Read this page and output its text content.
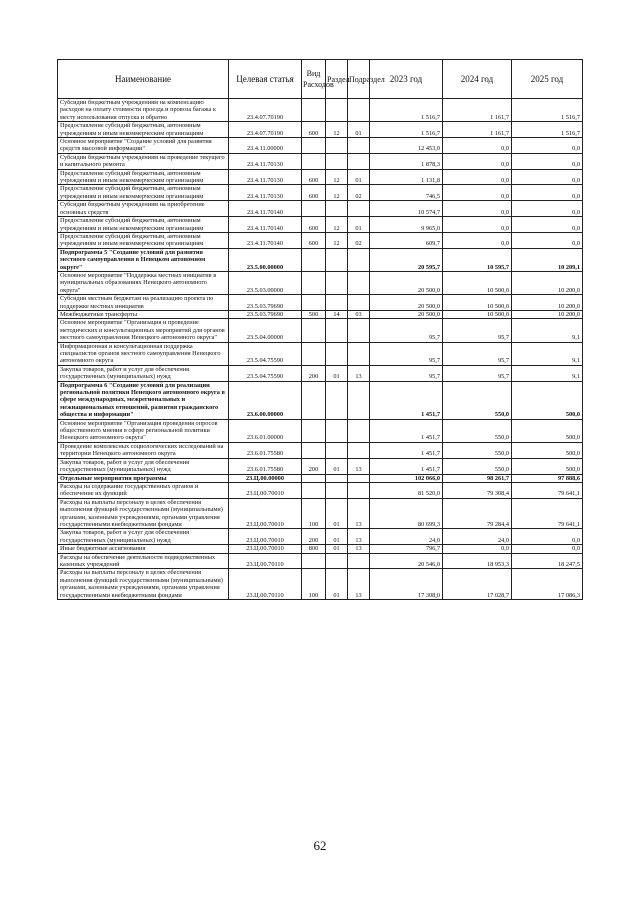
Наименование	Целевая статья	Вид Расходов	Раздел	Подраздел	2023 год	2024 год	2025 год
Субсидии бюджетным учреждениям на компенсацию расходов на оплату стоимости проезда и провоза багажа к месту использования отпуска и обратно	23.4.07.70190				1 516,7	1 161,7	1 516,7
Предоставление субсидий бюджетным, автономным учреждениям и иным некоммерческим организациям	23.4.07.70190	600	12	01	1 516,7	1 161,7	1 516,7
Основное мероприятие "Создание условий для развития средств массовой информации"	23.4.11.00000				12 453,0	0,0	0,0
Субсидии бюджетным учреждениям на проведение текущего и капитального ремонта	23.4.11.70130				1 878,3	0,0	0,0
Предоставление субсидий бюджетным, автономным учреждениям и иным некоммерческим организациям	23.4.11.70130	600	12	01	1 131,8	0,0	0,0
Предоставление субсидий бюджетным, автономным учреждениям и иным некоммерческим организациям	23.4.11.70130	600	12	02	746,5	0,0	0,0
Субсидии бюджетным учреждениям на приобретение основных средств	23.4.11.70140				10 574,7	0,0	0,0
Предоставление субсидий бюджетным, автономным учреждениям и иным некоммерческим организациям	23.4.11.70140	600	12	01	9 965,0	0,0	0,0
Предоставление субсидий бюджетным, автономным учреждениям и иным некоммерческим организациям	23.4.11.70140	600	12	02	609,7	0,0	0,0
Подпрограмма 5 "Создание условий для развития местного самоуправления в Ненецком автономном округе"	23.5.00.00000				20 595,7	10 595,7	10 209,1
Основное мероприятие "Поддержка местных инициатив в муниципальных образованиях Ненецкого автономного округа"	23.5.03.00000				20 500,0	10 500,0	10 200,0
Субсидии местным бюджетам на реализацию проекта по поддержке местных инициатив	23.5.03.79690				20 500,0	10 500,0	10 200,0
Межбюджетные трансферты	23.5.03.79690	500	14	03	20 500,0	10 500,0	10 200,0
Основное мероприятие "Организация и проведение методических и консультационных мероприятий для органов местного самоуправления Ненецкого автономного округа"	23.5.04.00000				95,7	95,7	9,1
Информационная и консультационная поддержка специалистов органов местного самоуправления Ненецкого автономного округа	23.5.04.75590				95,7	95,7	9,1
Закупка товаров, работ и услуг для обеспечения государственных (муниципальных) нужд	23.5.04.75590	200	01	13	95,7	95,7	9,1
Подпрограмма 6 "Создание условий для реализации региональной политики Ненецкого автономного округа в сфере международных, межрегиональных и межнациональных отношений, развития гражданского общества и информации"	23.6.00.00000				1 451,7	550,0	500,0
Основное мероприятие "Организация проведения опросов общественного мнения в сфере региональной политики Ненецкого автономного округа"	23.6.01.00000				1 451,7	550,0	500,0
Проведение комплексных социологических исследований на территории Ненецкого автономного округа	23.6.01.75580				1 451,7	550,0	500,0
Закупка товаров, работ и услуг для обеспечения государственных (муниципальных) нужд	23.6.01.75580	200	01	13	1 451,7	550,0	500,0
Отдельные мероприятия программы	23.Ц.00.00000				102 066,0	98 261,7	97 888,6
Расходы на содержание государственных органов и обеспечение их функций	23.Ц.00.70010				81 520,0	79 308,4	79 641,1
Расходы на выплаты персоналу в целях обеспечения выполнения функций государственными (муниципальными) органами, казенными учреждениями, органами управления государственными внебюджетными фондами	23.Ц.00.70010	100	01	13	80 699,3	79 284,4	79 641,1
Закупка товаров, работ и услуг для обеспечения государственных (муниципальных) нужд	23.Ц.00.70010	200	01	13	24,0	24,0	0,0
Иные бюджетные ассигнования	23.Ц.00.70010	800	01	13	796,7	0,0	0,0
Расходы на обеспечение деятельности подведомственных казенных учреждений	23.Ц.00.70110				20 546,0	18 953,3	18 247,5
Расходы на выплаты персоналу в целях обеспечения выполнения функций государственными (муниципальными) органами, казенными учреждениями, органами управления государственными внебюджетными фондами	23.Ц.00.70110	100	01	13	17 308,0	17 028,7	17 086,3
62
